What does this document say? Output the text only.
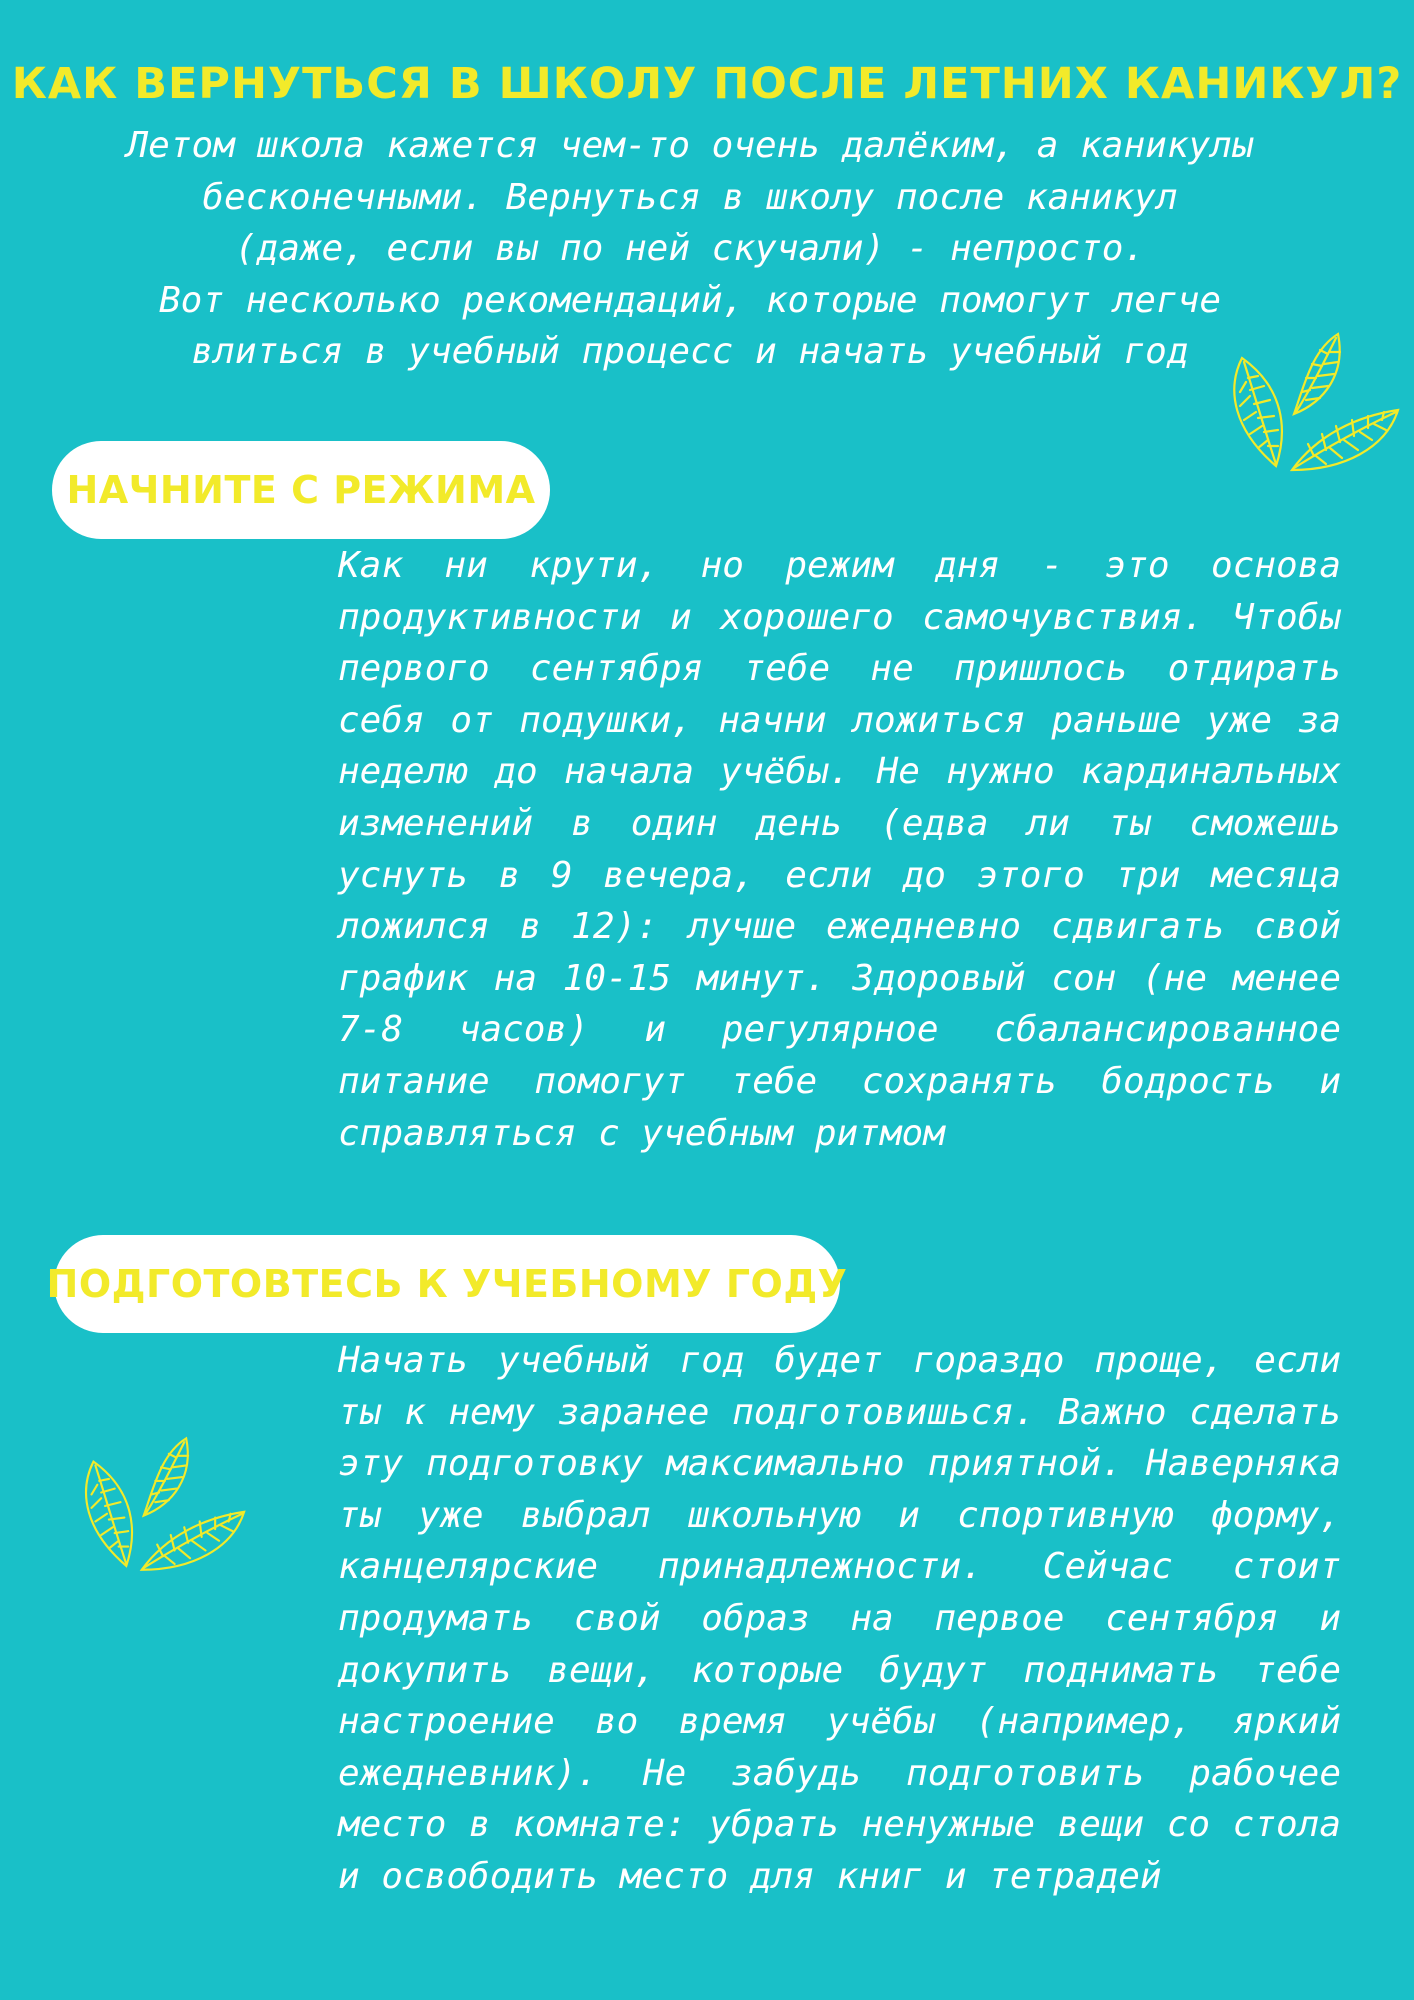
КАК ВЕРНУТЬСЯ В ШКОЛУ ПОСЛЕ ЛЕТНИХ КАНИКУЛ?

Летом школа кажется чем-то очень далёким, а каникулы
бесконечными. Вернуться в школу после каникул
(даже, если вы по ней скучали) - непросто.
Вот несколько рекомендаций, которые помогут легче
влиться в учебный процесс и начать учебный год

НАЧНИТЕ С РЕЖИМА

Как ни крути, но режим дня - это основа продуктивности и хорошего самочувствия. Чтобы первого сентября тебе не пришлось отдирать себя от подушки, начни ложиться раньше уже за неделю до начала учёбы. Не нужно кардинальных изменений в один день (едва ли ты сможешь уснуть в 9 вечера, если до этого три месяца ложился в 12): лучше ежедневно сдвигать свой график на 10-15 минут. Здоровый сон (не менее 7-8 часов) и регулярное сбалансированное питание помогут тебе сохранять бодрость и справляться с учебным ритмом

ПОДГОТОВТЕСЬ К УЧЕБНОМУ ГОДУ

Начать учебный год будет гораздо проще, если ты к нему заранее подготовишься. Важно сделать эту подготовку максимально приятной. Наверняка ты уже выбрал школьную и спортивную форму, канцелярские принадлежности. Сейчас стоит продумать свой образ на первое сентября и докупить вещи, которые будут поднимать тебе настроение во время учёбы (например, яркий ежедневник). Не забудь подготовить рабочее место в комнате: убрать ненужные вещи со стола и освободить место для книг и тетрадей
